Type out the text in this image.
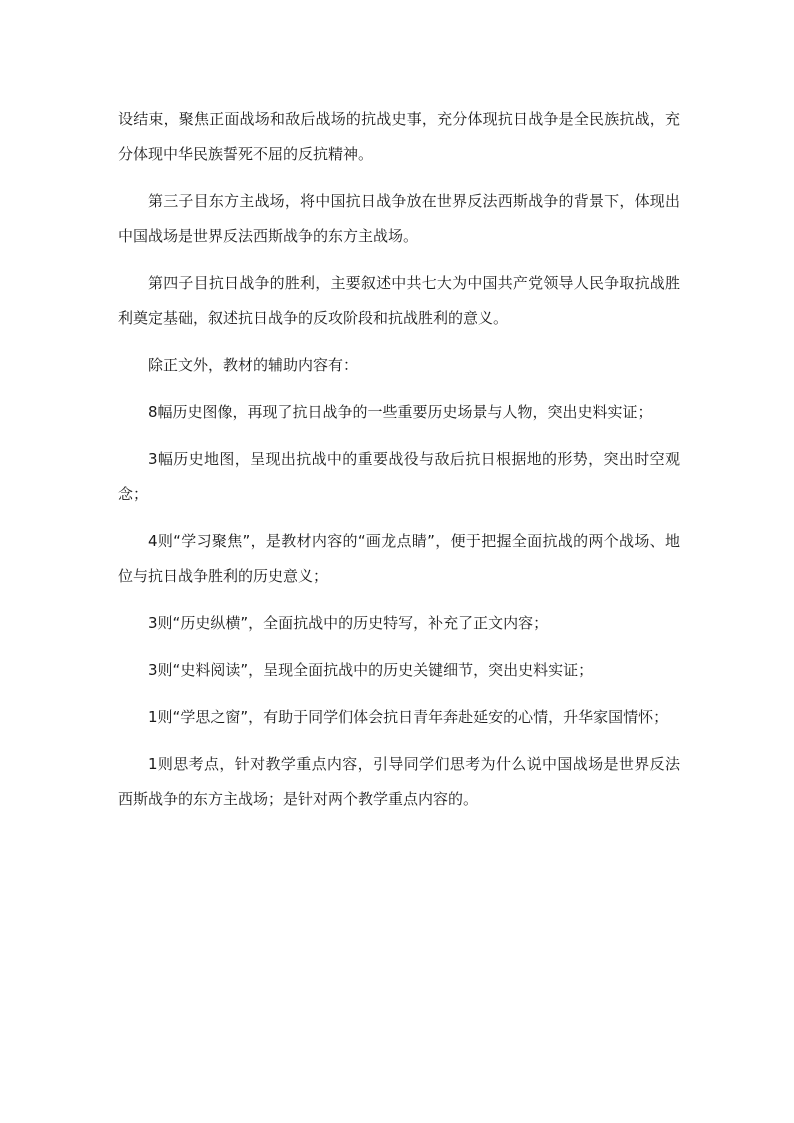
设结束，聚焦正面战场和敌后战场的抗战史事，充分体现抗日战争是全民族抗战，充分体现中华民族誓死不屈的反抗精神。

第三子目东方主战场，将中国抗日战争放在世界反法西斯战争的背景下，体现出中国战场是世界反法西斯战争的东方主战场。

第四子目抗日战争的胜利，主要叙述中共七大为中国共产党领导人民争取抗战胜利奠定基础，叙述抗日战争的反攻阶段和抗战胜利的意义。

除正文外，教材的辅助内容有：

8幅历史图像，再现了抗日战争的一些重要历史场景与人物，突出史料实证；

3幅历史地图，呈现出抗战中的重要战役与敌后抗日根据地的形势，突出时空观念；

4则“学习聚焦”，是教材内容的“画龙点睛”，便于把握全面抗战的两个战场、地位与抗日战争胜利的历史意义；

3则“历史纵横”，全面抗战中的历史特写，补充了正文内容；

3则“史料阅读”，呈现全面抗战中的历史关键细节，突出史料实证；

1则“学思之窗”，有助于同学们体会抗日青年奔赴延安的心情，升华家国情怀；

1则思考点，针对教学重点内容，引导同学们思考为什么说中国战场是世界反法西斯战争的东方主战场；是针对两个教学重点内容的。
